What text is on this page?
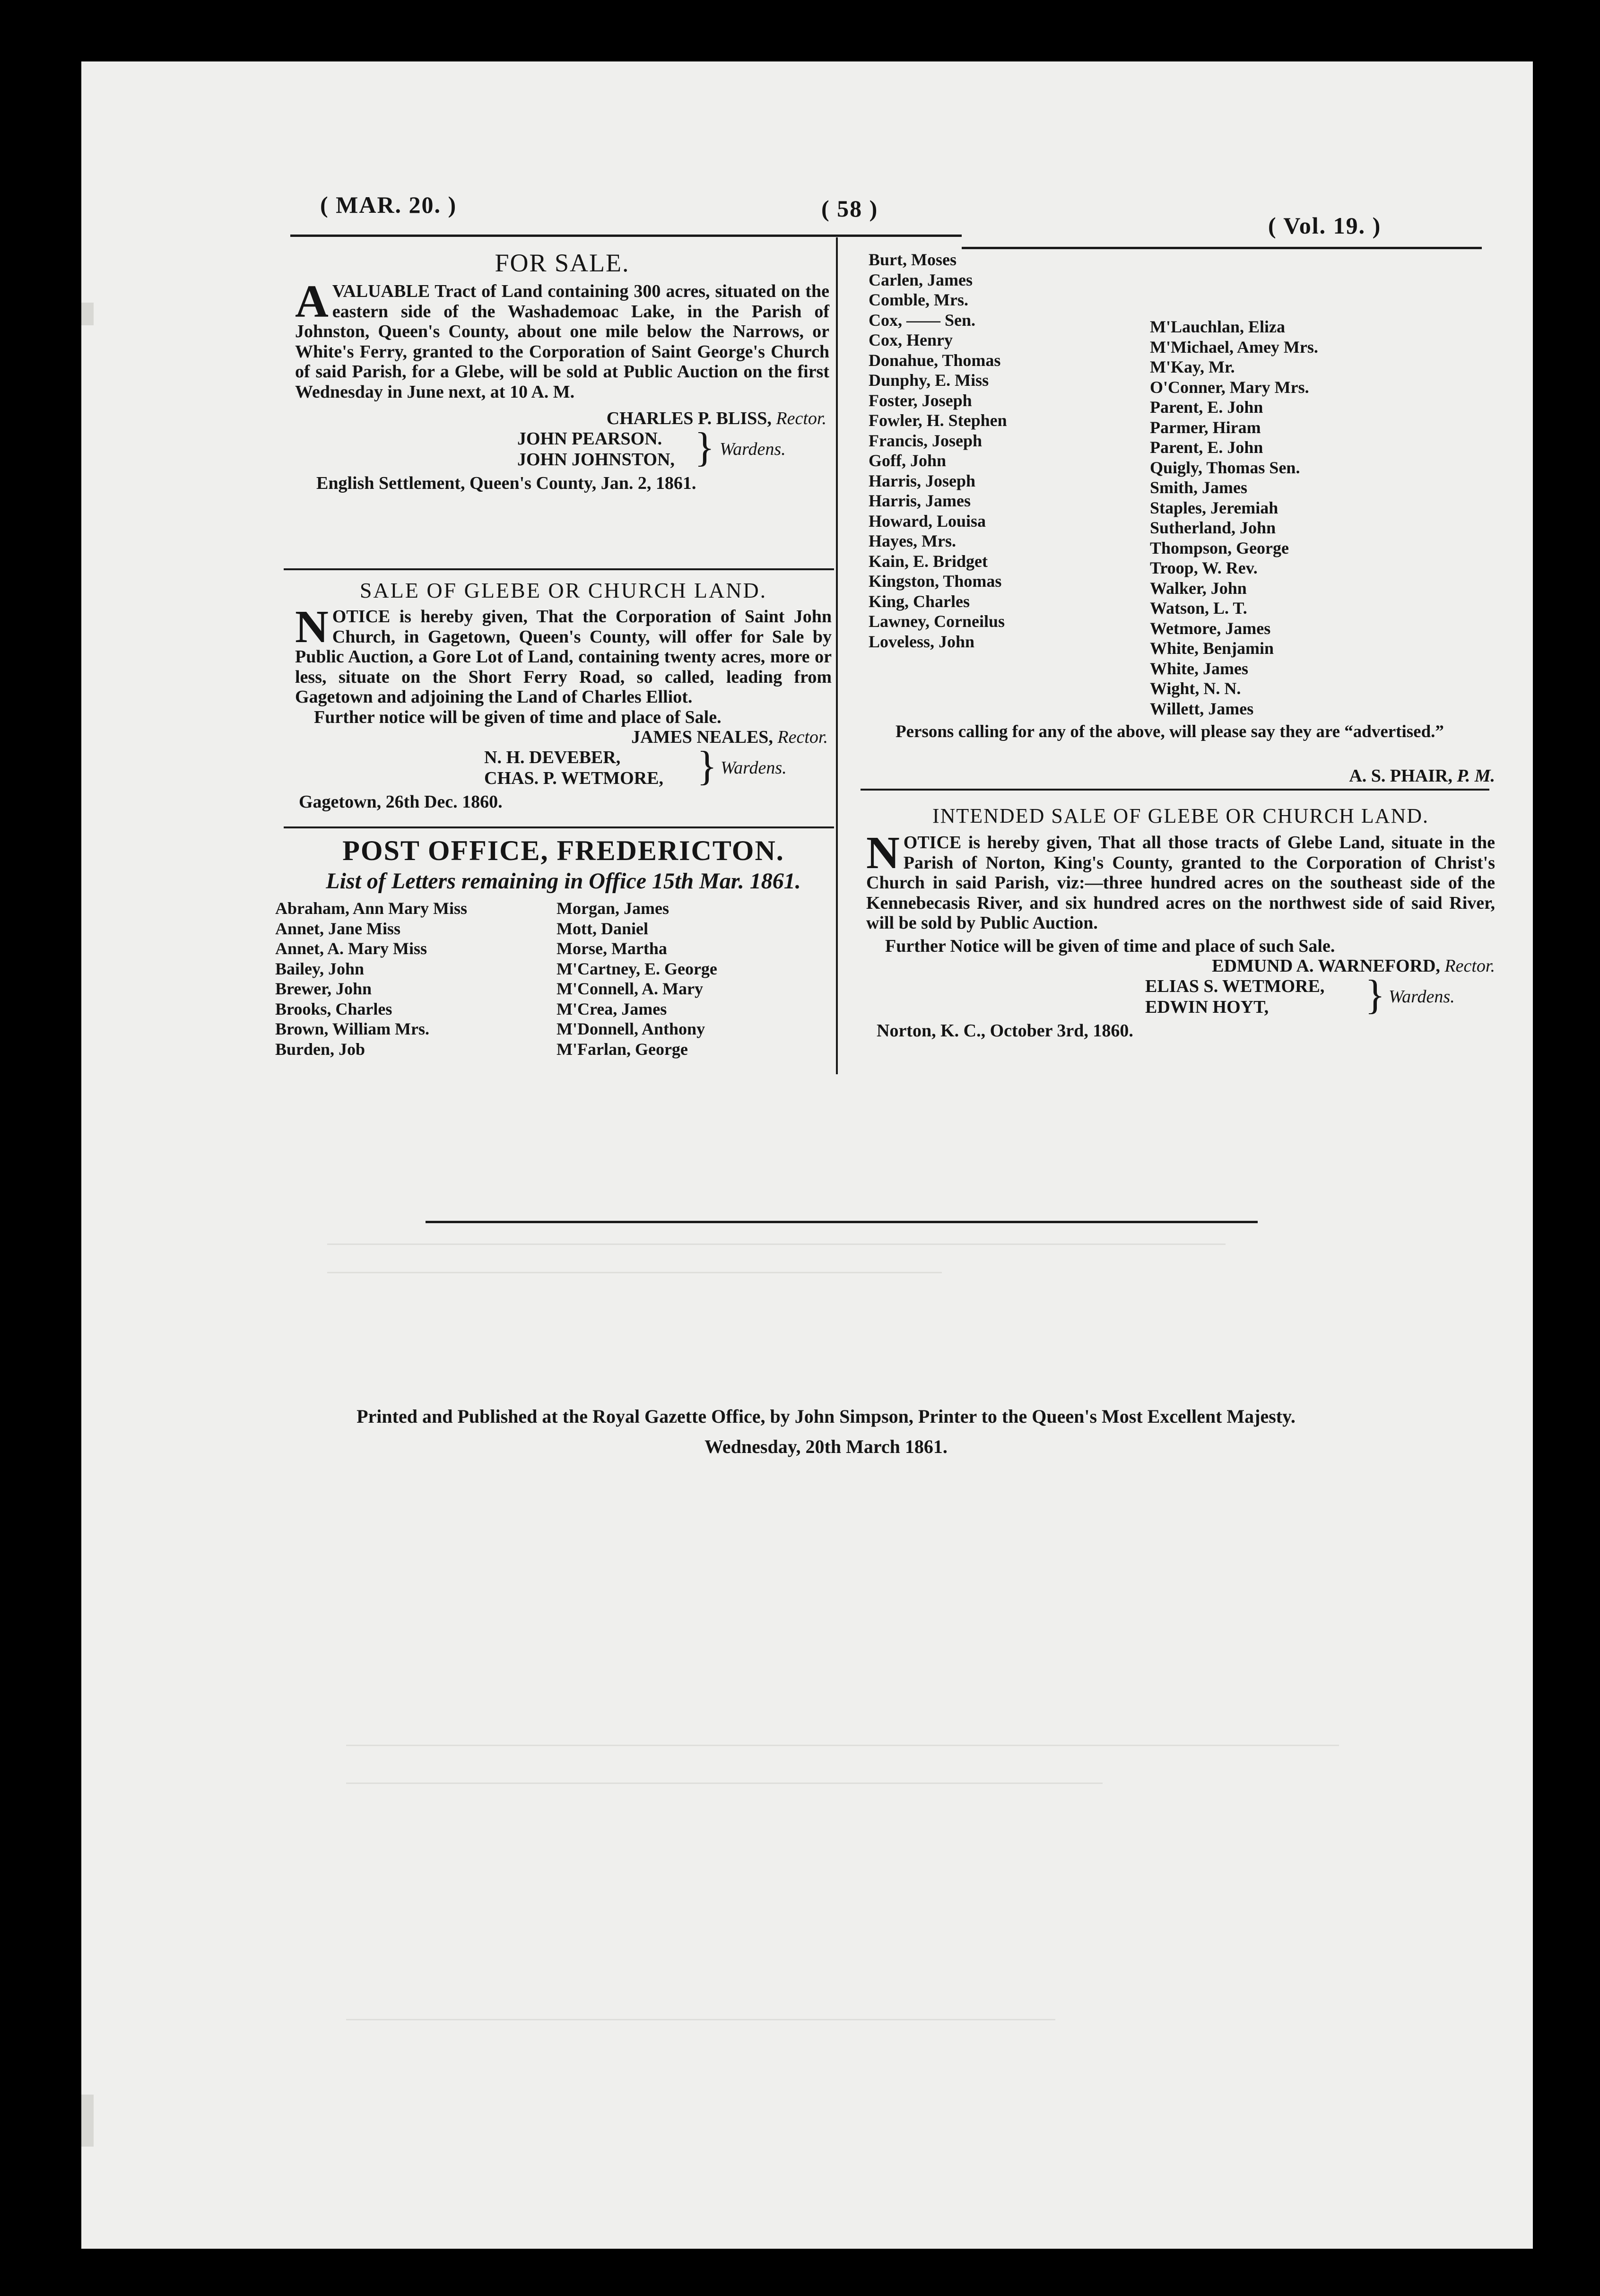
( MAR. 20. )	( 58 )
( Vol. 19. )
FOR SALE.
AVALUABLE Tract of Land containing 300 acres, situated on the eastern side of the Washademoac Lake, in the Parish of Johnston, Queen's County, about one mile below the Narrows, or White's Ferry, granted to the Corporation of Saint George's Church of said Parish, for a Glebe, will be sold at Public Auction on the first Wednesday in June next, at 10 A. M.
CHARLES P. BLISS, Rector.
JOHN PEARSON.
JOHN JOHNSTON, } Wardens.
English Settlement, Queen's County, Jan. 2, 1861.
SALE OF GLEBE OR CHURCH LAND.
NOTICE is hereby given, That the Corporation of Saint John Church, in Gagetown, Queen's County, will offer for Sale by Public Auction, a Gore Lot of Land, containing twenty acres, more or less, situate on the Short Ferry Road, so called, leading from Gagetown and adjoining the Land of Charles Elliot.
Further notice will be given of time and place of Sale.
JAMES NEALES, Rector.
N. H. DEVEBER,
CHAS. P. WETMORE, } Wardens.
Gagetown, 26th Dec. 1860.
POST OFFICE, FREDERICTON.
List of Letters remaining in Office 15th Mar. 1861.
Abraham, Ann Mary Miss
Annet, Jane Miss
Annet, A. Mary Miss
Bailey, John
Brewer, John
Brooks, Charles
Brown, William Mrs.
Burden, Job
Morgan, James
Mott, Daniel
Morse, Martha
M'Cartney, E. George
M'Connell, A. Mary
M'Crea, James
M'Donnell, Anthony
M'Farlan, George
Burt, Moses
Carlen, James
Comble, Mrs.
Cox, —— Sen.
Cox, Henry
Donahue, Thomas
Dunphy, E. Miss
Foster, Joseph
Fowler, H. Stephen
Francis, Joseph
Goff, John
Harris, Joseph
Harris, James
Howard, Louisa
Hayes, Mrs.
Kain, E. Bridget
Kingston, Thomas
King, Charles
Lawney, Corneilus
Loveless, John
M'Lauchlan, Eliza
M'Michael, Amey Mrs.
M'Kay, Mr.
O'Conner, Mary Mrs.
Parent, E. John
Parmer, Hiram
Parent, E. John
Quigly, Thomas Sen.
Smith, James
Staples, Jeremiah
Sutherland, John
Thompson, George
Troop, W. Rev.
Walker, John
Watson, L. T.
Wetmore, James
White, Benjamin
White, James
Wight, N. N.
Willett, James
Persons calling for any of the above, will please say they are “advertised.”
A. S. PHAIR, P. M.
INTENDED SALE OF GLEBE OR CHURCH LAND.
NOTICE is hereby given, That all those tracts of Glebe Land, situate in the Parish of Norton, King's County, granted to the Corporation of Christ's Church in said Parish, viz:—three hundred acres on the southeast side of the Kennebecasis River, and six hundred acres on the northwest side of said River, will be sold by Public Auction.
Further Notice will be given of time and place of such Sale.
EDMUND A. WARNEFORD, Rector.
ELIAS S. WETMORE,
EDWIN HOYT, } Wardens.
Norton, K. C., October 3rd, 1860.
Printed and Published at the Royal Gazette Office, by John Simpson, Printer to the Queen's Most Excellent Majesty.
Wednesday, 20th March 1861.
